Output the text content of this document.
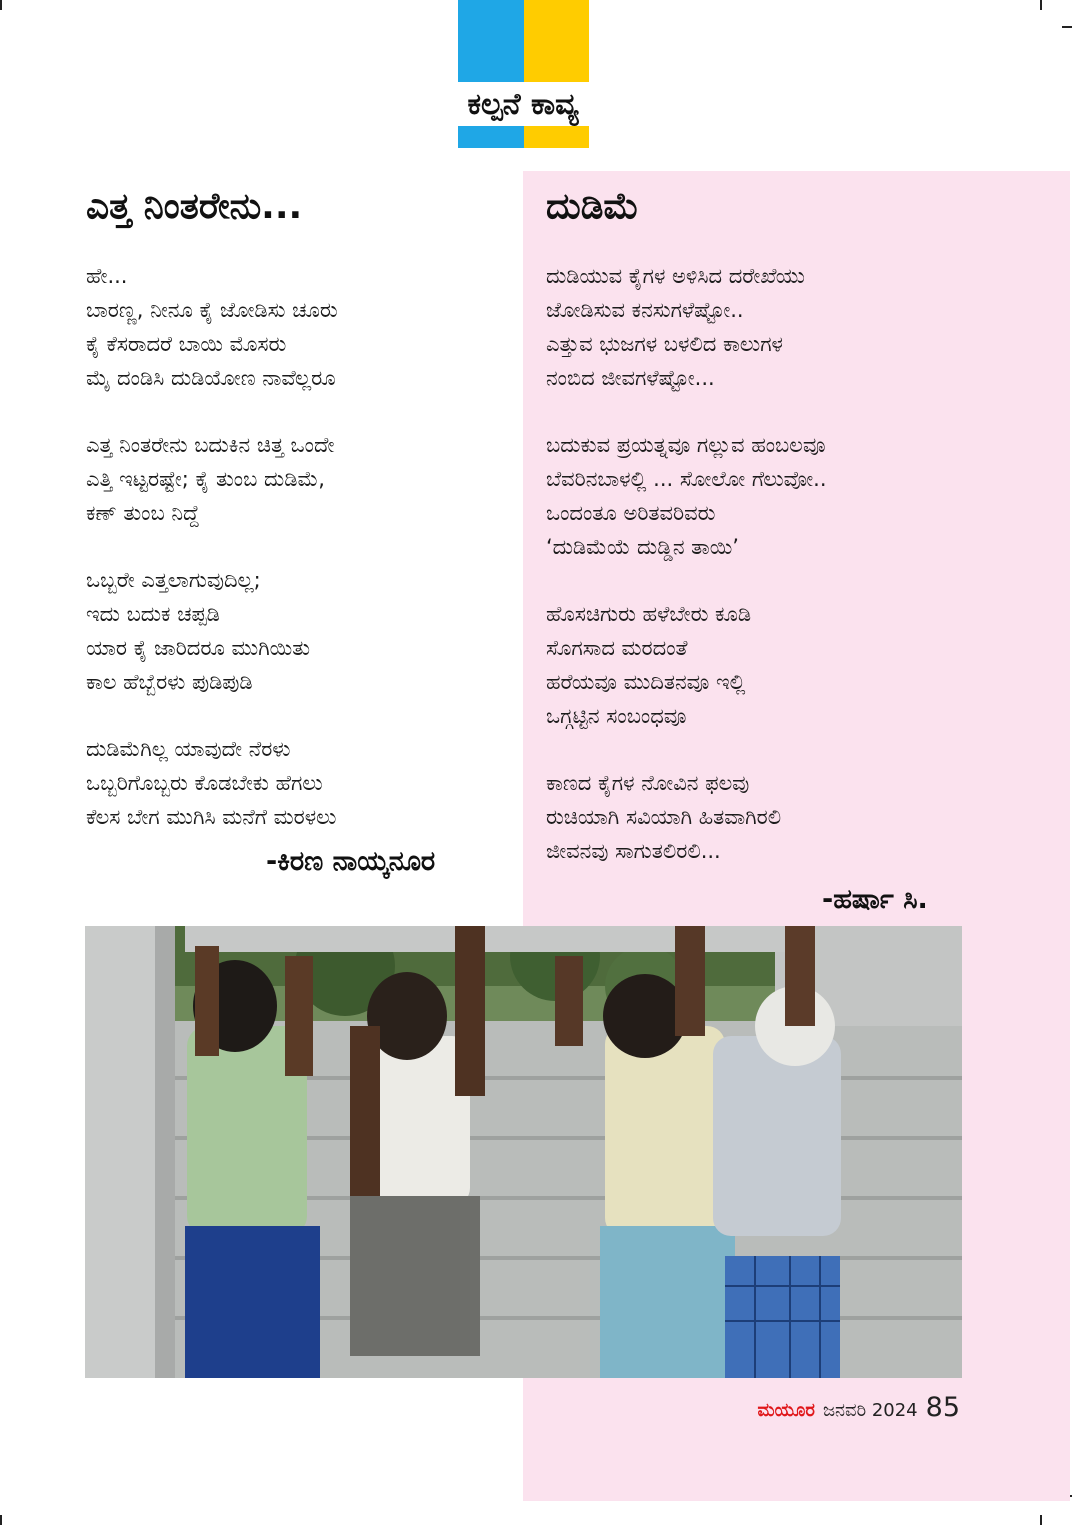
ಕಲ್ಪನೆ ಕಾವ್ಯ
ಎತ್ತ ನಿಂತರೇನು...
ಹೇ...
ಬಾರಣ್ಣ, ನೀನೂ ಕೈ ಜೋಡಿಸು ಚೂರು
ಕೈ ಕೆಸರಾದರೆ ಬಾಯಿ ಮೊಸರು
ಮೈ ದಂಡಿಸಿ ದುಡಿಯೋಣ ನಾವೆಲ್ಲರೂ
ಎತ್ತ ನಿಂತರೇನು ಬದುಕಿನ ಚಿತ್ತ ಒಂದೇ
ಎತ್ತಿ ಇಟ್ಟರಷ್ಟೇ; ಕೈ ತುಂಬ ದುಡಿಮೆ,
ಕಣ್ ತುಂಬ ನಿದ್ದೆ
ಒಬ್ಬರೇ ಎತ್ತಲಾಗುವುದಿಲ್ಲ;
ಇದು ಬದುಕ ಚಪ್ಪಡಿ
ಯಾರ ಕೈ ಜಾರಿದರೂ ಮುಗಿಯಿತು
ಕಾಲ ಹೆಬ್ಬೆರಳು ಪುಡಿಪುಡಿ
ದುಡಿಮೆಗಿಲ್ಲ ಯಾವುದೇ ನೆರಳು
ಒಬ್ಬರಿಗೊಬ್ಬರು ಕೊಡಬೇಕು ಹೆಗಲು
ಕೆಲಸ ಬೇಗ ಮುಗಿಸಿ ಮನೆಗೆ ಮರಳಲು
-ಕಿರಣ ನಾಯ್ಕನೂರ
ದುಡಿಮೆ
ದುಡಿಯುವ ಕೈಗಳ ಅಳಿಸಿದ ದರೇಖೆಯು
ಜೋಡಿಸುವ ಕನಸುಗಳೆಷ್ಟೋ..
ಎತ್ತುವ ಭುಜಗಳ ಬಳಲಿದ ಕಾಲುಗಳ
ನಂಬಿದ ಜೀವಗಳೆಷ್ಟೋ...
ಬದುಕುವ ಪ್ರಯತ್ನವೂ ಗಲ್ಲುವ ಹಂಬಲವೂ
ಬೆವರಿನಬಾಳಲ್ಲಿ ... ಸೋಲೋ ಗೆಲುವೋ..
ಒಂದಂತೂ ಅರಿತವರಿವರು
‘ದುಡಿಮೆಯೆ ದುಡ್ಡಿನ ತಾಯಿ’
ಹೊಸಚಿಗುರು ಹಳೆಬೇರು ಕೂಡಿ
ಸೊಗಸಾದ ಮರದಂತೆ
ಹರೆಯವೂ ಮುದಿತನವೂ ಇಲ್ಲಿ
ಒಗ್ಗಟ್ಟಿನ ಸಂಬಂಧವೂ
ಕಾಣದ ಕೈಗಳ ನೋವಿನ ಫಲವು
ರುಚಿಯಾಗಿ ಸವಿಯಾಗಿ ಹಿತವಾಗಿರಲಿ
ಜೀವನವು ಸಾಗುತಲಿರಲಿ...
-ಹರ್ಷಾ ಸಿ.
ಮಯೂರ ಜನವರಿ 2024 85
